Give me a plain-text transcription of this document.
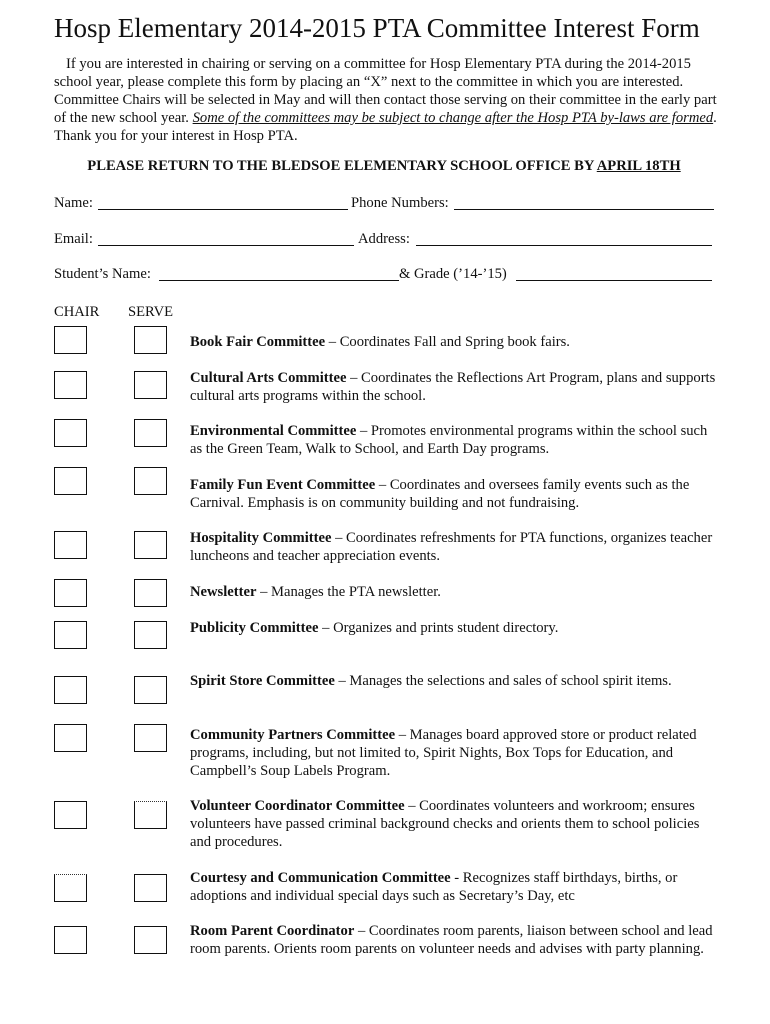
Hosp Elementary 2014-2015 PTA Committee Interest Form
If you are interested in chairing or serving on a committee for Hosp Elementary PTA during the 2014-2015 school year, please complete this form by placing an “X” next to the committee in which you are interested. Committee Chairs will be selected in May and will then contact those serving on their committee in the early part of the new school year. Some of the committees may be subject to change after the Hosp PTA by-laws are formed. Thank you for your interest in Hosp PTA.
PLEASE RETURN TO THE BLEDSOE ELEMENTARY SCHOOL OFFICE BY APRIL 18TH
Name:	Phone Numbers:
Email:	Address:
Student’s Name:	& Grade (’14-’15)
CHAIR SERVE
Book Fair Committee – Coordinates Fall and Spring book fairs.
Cultural Arts Committee – Coordinates the Reflections Art Program, plans and supports cultural arts programs within the school.
Environmental Committee – Promotes environmental programs within the school such as the Green Team, Walk to School, and Earth Day programs.
Family Fun Event Committee – Coordinates and oversees family events such as the Carnival. Emphasis is on community building and not fundraising.
Hospitality Committee – Coordinates refreshments for PTA functions, organizes teacher luncheons and teacher appreciation events.
Newsletter – Manages the PTA newsletter.
Publicity Committee – Organizes and prints student directory.
Spirit Store Committee – Manages the selections and sales of school spirit items.
Community Partners Committee – Manages board approved store or product related programs, including, but not limited to, Spirit Nights, Box Tops for Education, and Campbell’s Soup Labels Program.
Volunteer Coordinator Committee – Coordinates volunteers and workroom; ensures volunteers have passed criminal background checks and orients them to school policies and procedures.
Courtesy and Communication Committee - Recognizes staff birthdays, births, or adoptions and individual special days such as Secretary’s Day, etc
Room Parent Coordinator – Coordinates room parents, liaison between school and lead room parents. Orients room parents on volunteer needs and advises with party planning.
